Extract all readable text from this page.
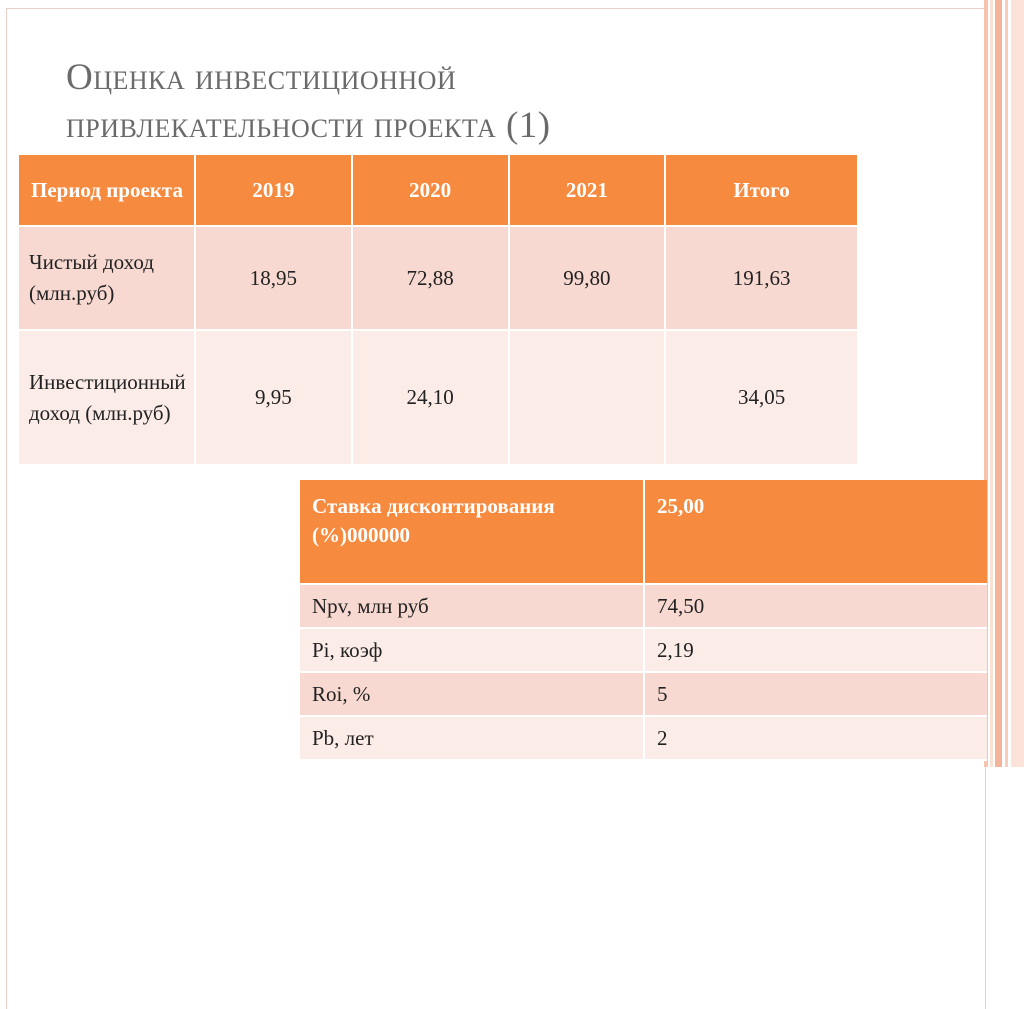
Оценка инвестиционной
привлекательности проекта (1)
Период проекта	2019	2020	2021	Итого
Чистый доход (млн.руб)	18,95	72,88	99,80	191,63
Инвестиционный доход (млн.руб)	9,95	24,10		34,05
Ставка дисконтирования (%)000000	25,00
Npv, млн руб	74,50
Pi, коэф	2,19
Roi, %	5
Pb, лет	2
